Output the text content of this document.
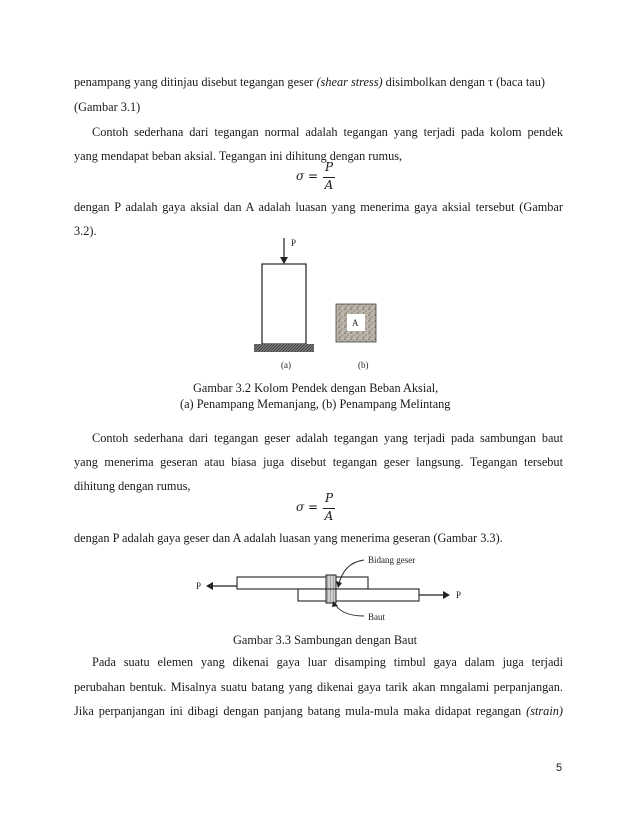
penampang yang ditinjau disebut tegangan geser (shear stress) disimbolkan dengan τ (baca tau)
(Gambar 3.1)
Contoh sederhana dari tegangan normal adalah tegangan yang terjadi pada kolom pendek
yang mendapat beban aksial. Tegangan ini dihitung dengan rumus,
σ =
P
A
dengan P adalah gaya aksial dan A adalah luasan yang menerima gaya aksial tersebut (Gambar
3.2).
P
(a)
A
(b)
Gambar 3.2 Kolom Pendek dengan Beban Aksial,
(a) Penampang Memanjang, (b) Penampang Melintang
Contoh sederhana dari tegangan geser adalah tegangan yang terjadi pada sambungan baut
yang menerima geseran atau biasa juga disebut tegangan geser langsung. Tegangan tersebut
dihitung dengan rumus,
σ =
P
A
dengan P adalah gaya geser dan A adalah luasan yang menerima geseran (Gambar 3.3).
P
P
Bidang geser
Baut
Gambar 3.3 Sambungan dengan Baut
Pada suatu elemen yang dikenai gaya luar disamping timbul gaya dalam juga terjadi
perubahan bentuk. Misalnya suatu batang yang dikenai gaya tarik akan mngalami perpanjangan.
Jika perpanjangan ini dibagi dengan panjang batang mula-mula maka didapat regangan (strain)
5
